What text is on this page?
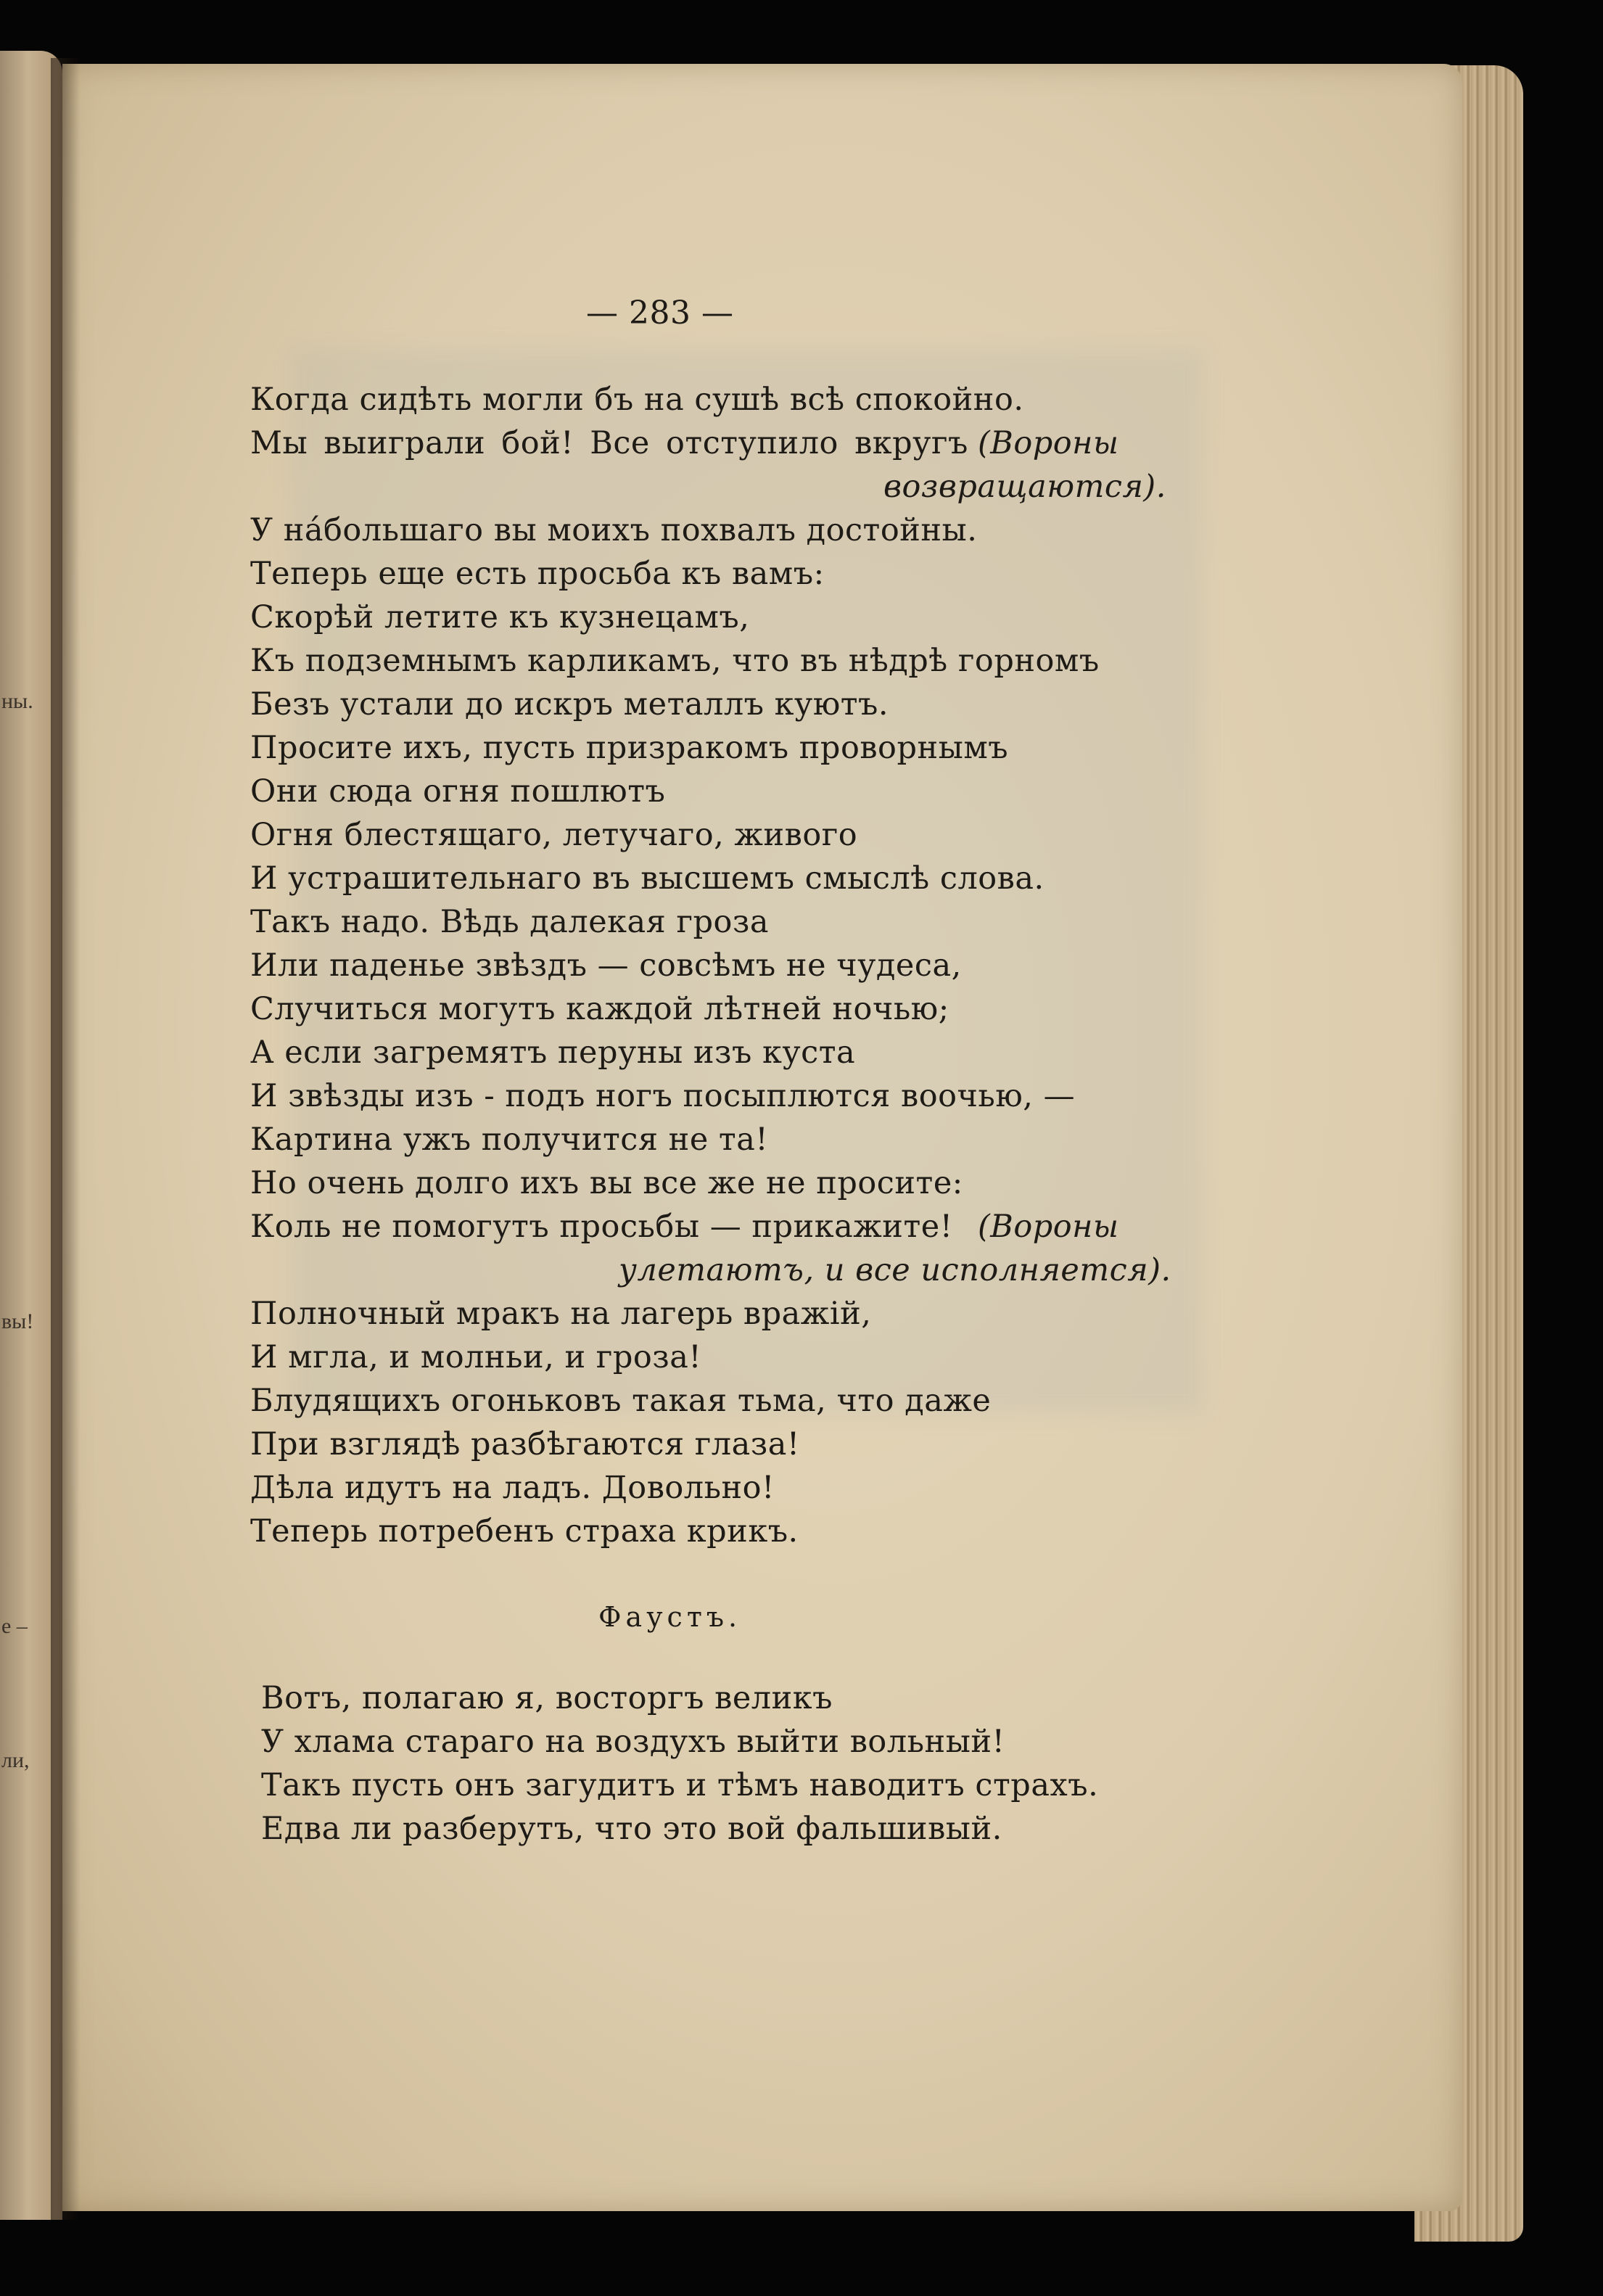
ны.
вы!
е –
ли,
— 283 —
Когда сидѣть могли бъ на сушѣ всѣ спокойно.
Мы выиграли бой! Все отступило вкругъ (Вороны
возвращаются).
У на́большаго вы моихъ похвалъ достойны.
Теперь еще есть просьба къ вамъ:
Скорѣй летите къ кузнецамъ,
Къ подземнымъ карликамъ, что въ нѣдрѣ горномъ
Безъ устали до искръ металлъ куютъ.
Просите ихъ, пусть призракомъ проворнымъ
Они сюда огня пошлютъ
Огня блестящаго, летучаго, живого
И устрашительнаго въ высшемъ смыслѣ слова.
Такъ надо. Вѣдь далекая гроза
Или паденье звѣздъ — совсѣмъ не чудеса,
Случиться могутъ каждой лѣтней ночью;
А если загремятъ перуны изъ куста
И звѣзды изъ - подъ ногъ посыплются воочью, —
Картина ужъ получится не та!
Но очень долго ихъ вы все же не просите:
Коль не помогутъ просьбы — прикажите! (Вороны
улетаютъ, и все исполняется).
Полночный мракъ на лагерь вражій,
И мгла, и молньи, и гроза!
Блудящихъ огоньковъ такая тьма, что даже
При взглядѣ разбѣгаются глаза!
Дѣла идутъ на ладъ. Довольно!
Теперь потребенъ страха крикъ.
Фаустъ.
Вотъ, полагаю я, восторгъ великъ
У хлама стараго на воздухъ выйти вольный!
Такъ пусть онъ загудитъ и тѣмъ наводитъ страхъ.
Едва ли разберутъ, что это вой фальшивый.
